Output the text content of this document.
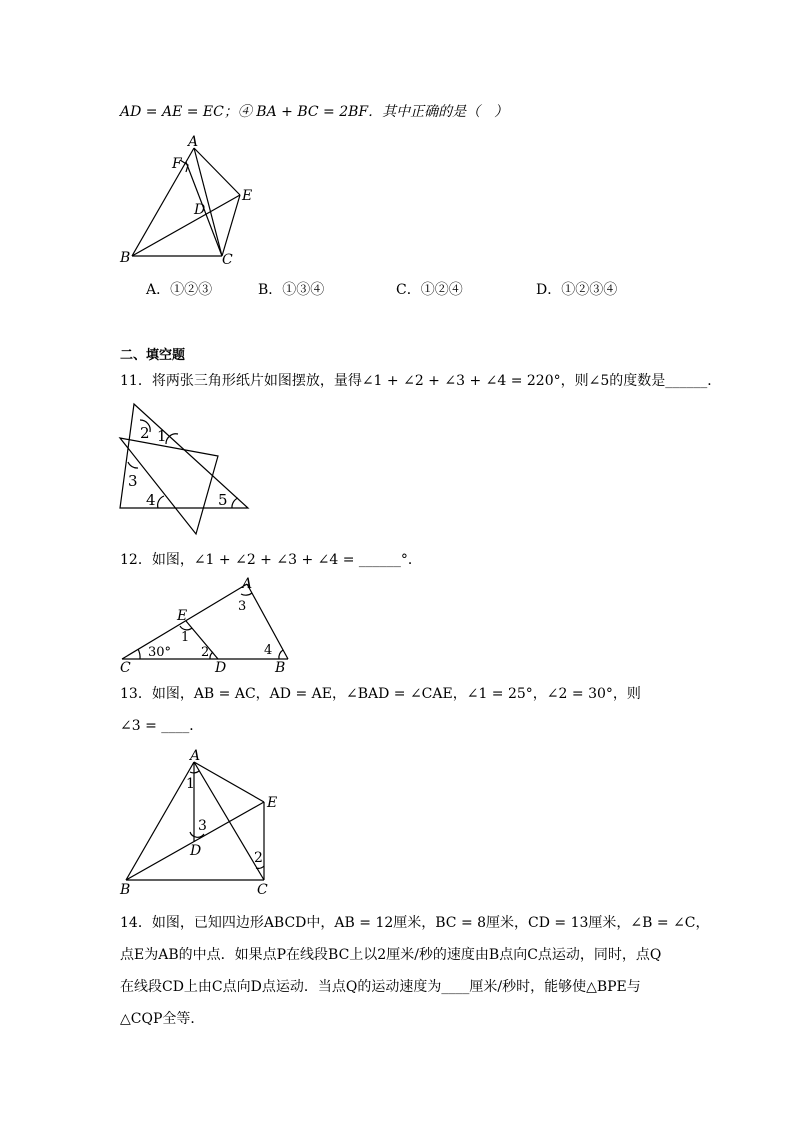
AD = AE = EC；④ BA + BC = 2BF．其中正确的是（　）
A
F
E
D
B	C
A．①②③	B．①③④	C．①②④	D．①②③④
二、填空题
11．将两张三角形纸片如图摆放，量得∠1 + ∠2 + ∠3 + ∠4 = 220°，则∠5的度数是______．
2 1
3
4	5
12．如图，∠1 + ∠2 + ∠3 + ∠4 = ______°．
A
E
C	D	B
3
1
2	4
30°
13．如图，AB = AC，AD = AE，∠BAD = ∠CAE，∠1 = 25°，∠2 = 30°，则
∠3 = ____．
A
E
D
B	C
1
3
2
14．如图，已知四边形ABCD中，AB = 12厘米，BC = 8厘米，CD = 13厘米，∠B = ∠C，
点E为AB的中点．如果点P在线段BC上以2厘米/秒的速度由B点向C点运动，同时，点Q
在线段CD上由C点向D点运动．当点Q的运动速度为____厘米/秒时，能够使△BPE与
△CQP全等．
